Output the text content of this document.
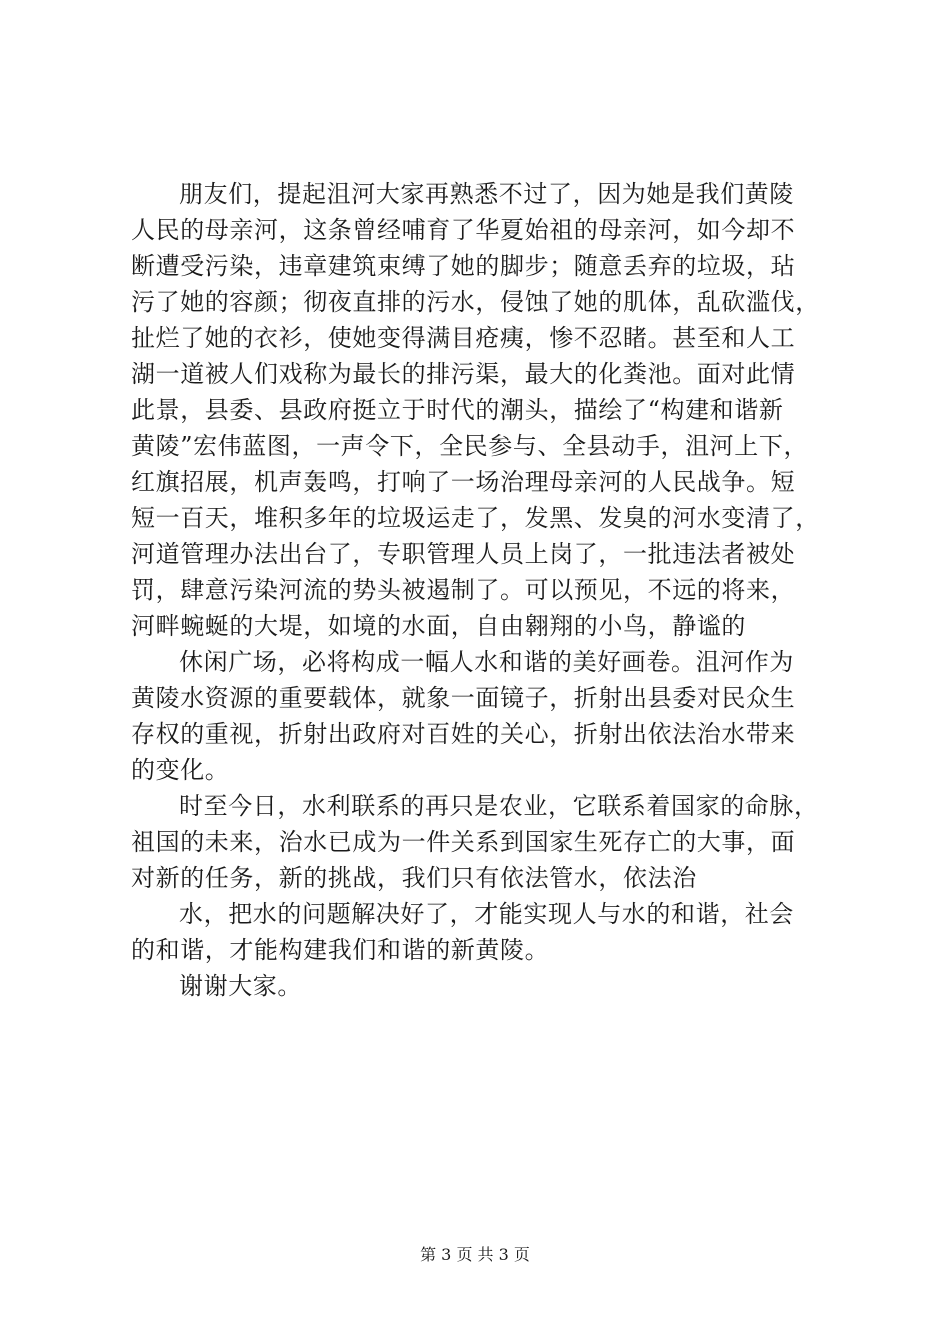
朋友们，提起沮河大家再熟悉不过了，因为她是我们黄陵
人民的母亲河，这条曾经哺育了华夏始祖的母亲河，如今却不
断遭受污染，违章建筑束缚了她的脚步；随意丢弃的垃圾，玷
污了她的容颜；彻夜直排的污水，侵蚀了她的肌体，乱砍滥伐，
扯烂了她的衣衫，使她变得满目疮痍，惨不忍睹。甚至和人工
湖一道被人们戏称为最长的排污渠，最大的化粪池。面对此情
此景，县委、县政府挺立于时代的潮头，描绘了“构建和谐新
黄陵”宏伟蓝图，一声令下，全民参与、全县动手，沮河上下，
红旗招展，机声轰鸣，打响了一场治理母亲河的人民战争。短
短一百天，堆积多年的垃圾运走了，发黑、发臭的河水变清了，
河道管理办法出台了，专职管理人员上岗了，一批违法者被处
罚，肆意污染河流的势头被遏制了。可以预见，不远的将来，
河畔蜿蜒的大堤，如境的水面，自由翱翔的小鸟，静谧的
休闲广场，必将构成一幅人水和谐的美好画卷。沮河作为
黄陵水资源的重要载体，就象一面镜子，折射出县委对民众生
存权的重视，折射出政府对百姓的关心，折射出依法治水带来
的变化。
时至今日，水利联系的再只是农业，它联系着国家的命脉，
祖国的未来，治水已成为一件关系到国家生死存亡的大事，面
对新的任务，新的挑战，我们只有依法管水，依法治
水，把水的问题解决好了，才能实现人与水的和谐，社会
的和谐，才能构建我们和谐的新黄陵。
谢谢大家。
第 3 页 共 3 页
